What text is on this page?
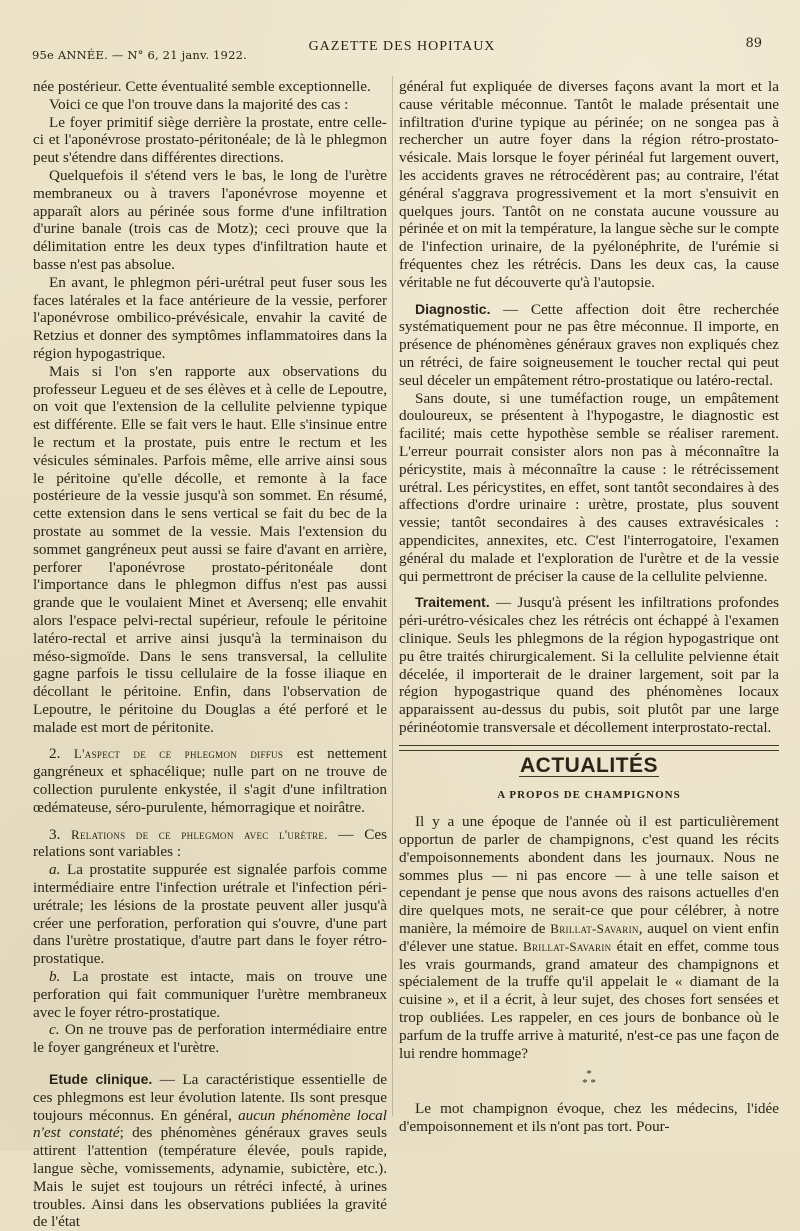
95e ANNÉE. — N° 6, 21 janv. 1922.
GAZETTE DES HOPITAUX	89

née postérieur. Cette éventualité semble exceptionnelle.

Voici ce que l'on trouve dans la majorité des cas :

Le foyer primitif siège derrière la prostate, entre celle-ci et l'aponévrose prostato-péritonéale; de là le phlegmon peut s'étendre dans différentes directions.

Quelquefois il s'étend vers le bas, le long de l'urètre membraneux ou à travers l'aponévrose moyenne et apparaît alors au périnée sous forme d'une infiltration d'urine banale (trois cas de Motz); ceci prouve que la délimitation entre les deux types d'infiltration haute et basse n'est pas absolue.

En avant, le phlegmon péri-urétral peut fuser sous les faces latérales et la face antérieure de la vessie, perforer l'aponévrose ombilico-prévésicale, envahir la cavité de Retzius et donner des symptômes inflammatoires dans la région hypogastrique.

Mais si l'on s'en rapporte aux observations du professeur Legueu et de ses élèves et à celle de Lepoutre, on voit que l'extension de la cellulite pelvienne typique est différente. Elle se fait vers le haut. Elle s'insinue entre le rectum et la prostate, puis entre le rectum et les vésicules séminales. Parfois même, elle arrive ainsi sous le péritoine qu'elle décolle, et remonte à la face postérieure de la vessie jusqu'à son sommet. En résumé, cette extension dans le sens vertical se fait du bec de la prostate au sommet de la vessie. Mais l'extension du sommet gangréneux peut aussi se faire d'avant en arrière, perforer l'aponévrose prostato-péritonéale dont l'importance dans le phlegmon diffus n'est pas aussi grande que le voulaient Minet et Aversenq; elle envahit alors l'espace pelvi-rectal supérieur, refoule le péritoine latéro-rectal et arrive ainsi jusqu'à la terminaison du méso-sigmoïde. Dans le sens transversal, la cellulite gagne parfois le tissu cellulaire de la fosse iliaque en décollant le péritoine. Enfin, dans l'observation de Lepoutre, le péritoine du Douglas a été perforé et le malade est mort de péritonite.

2. L'aspect de ce phlegmon diffus est nettement gangréneux et sphacélique; nulle part on ne trouve de collection purulente enkystée, il s'agit d'une infiltration œdémateuse, séro-purulente, hémorragique et noirâtre.

3. Relations de ce phlegmon avec l'urètre. — Ces relations sont variables :

a. La prostatite suppurée est signalée parfois comme intermédiaire entre l'infection urétrale et l'infection péri-urétrale; les lésions de la prostate peuvent aller jusqu'à créer une perforation, perforation qui s'ouvre, d'une part dans l'urètre prostatique, d'autre part dans le foyer rétro-prostatique.

b. La prostate est intacte, mais on trouve une perforation qui fait communiquer l'urètre membraneux avec le foyer rétro-prostatique.

c. On ne trouve pas de perforation intermédiaire entre le foyer gangréneux et l'urètre.

Etude clinique. — La caractéristique essentielle de ces phlegmons est leur évolution latente. Ils sont presque toujours méconnus. En général, aucun phénomène local n'est constaté; des phénomènes généraux graves seuls attirent l'attention (température élevée, pouls rapide, langue sèche, vomissements, adynamie, subictère, etc.). Mais le sujet est toujours un rétréci infecté, à urines troubles. Ainsi dans les observations publiées la gravité de l'état

général fut expliquée de diverses façons avant la mort et la cause véritable méconnue. Tantôt le malade présentait une infiltration d'urine typique au périnée; on ne songea pas à rechercher un autre foyer dans la région rétro-prostato-vésicale. Mais lorsque le foyer périnéal fut largement ouvert, les accidents graves ne rétrocédèrent pas; au contraire, l'état général s'aggrava progressivement et la mort s'ensuivit en quelques jours. Tantôt on ne constata aucune voussure au périnée et on mit la température, la langue sèche sur le compte de l'infection urinaire, de la pyélonéphrite, de l'urémie si fréquentes chez les rétrécis. Dans les deux cas, la cause véritable ne fut découverte qu'à l'autopsie.

Diagnostic. — Cette affection doit être recherchée systématiquement pour ne pas être méconnue. Il importe, en présence de phénomènes généraux graves non expliqués chez un rétréci, de faire soigneusement le toucher rectal qui peut seul déceler un empâtement rétro-prostatique ou latéro-rectal.

Sans doute, si une tuméfaction rouge, un empâtement douloureux, se présentent à l'hypogastre, le diagnostic est facilité; mais cette hypothèse semble se réaliser rarement. L'erreur pourrait consister alors non pas à méconnaître la péricystite, mais à méconnaître la cause : le rétrécissement urétral. Les péricystites, en effet, sont tantôt secondaires à des affections d'ordre urinaire : urètre, prostate, plus souvent vessie; tantôt secondaires à des causes extravésicales : appendicites, annexites, etc. C'est l'interrogatoire, l'examen général du malade et l'exploration de l'urètre et de la vessie qui permettront de préciser la cause de la cellulite pelvienne.

Traitement. — Jusqu'à présent les infiltrations profondes péri-urétro-vésicales chez les rétrécis ont échappé à l'examen clinique. Seuls les phlegmons de la région hypogastrique ont pu être traités chirurgicalement. Si la cellulite pelvienne était décelée, il importerait de le drainer largement, soit par la région hypogastrique quand des phénomènes locaux apparaissent au-dessus du pubis, soit plutôt par une large périnéotomie transversale et décollement interprostato-rectal.

ACTUALITÉS

A PROPOS DE CHAMPIGNONS

Il y a une époque de l'année où il est particulièrement opportun de parler de champignons, c'est quand les récits d'empoisonnements abondent dans les journaux. Nous ne sommes plus — ni pas encore — à une telle saison et cependant je pense que nous avons des raisons actuelles d'en dire quelques mots, ne serait-ce que pour célébrer, à notre manière, la mémoire de Brillat-Savarin, auquel on vient enfin d'élever une statue. Brillat-Savarin était en effet, comme tous les vrais gourmands, grand amateur des champignons et spécialement de la truffe qu'il appelait le « diamant de la cuisine », et il a écrit, à leur sujet, des choses fort sensées et trop oubliées. Les rappeler, en ces jours de bonbance où le parfum de la truffe arrive à maturité, n'est-ce pas une façon de lui rendre hommage?

*
* *

Le mot champignon évoque, chez les médecins, l'idée d'empoisonnement et ils n'ont pas tort. Pour-
